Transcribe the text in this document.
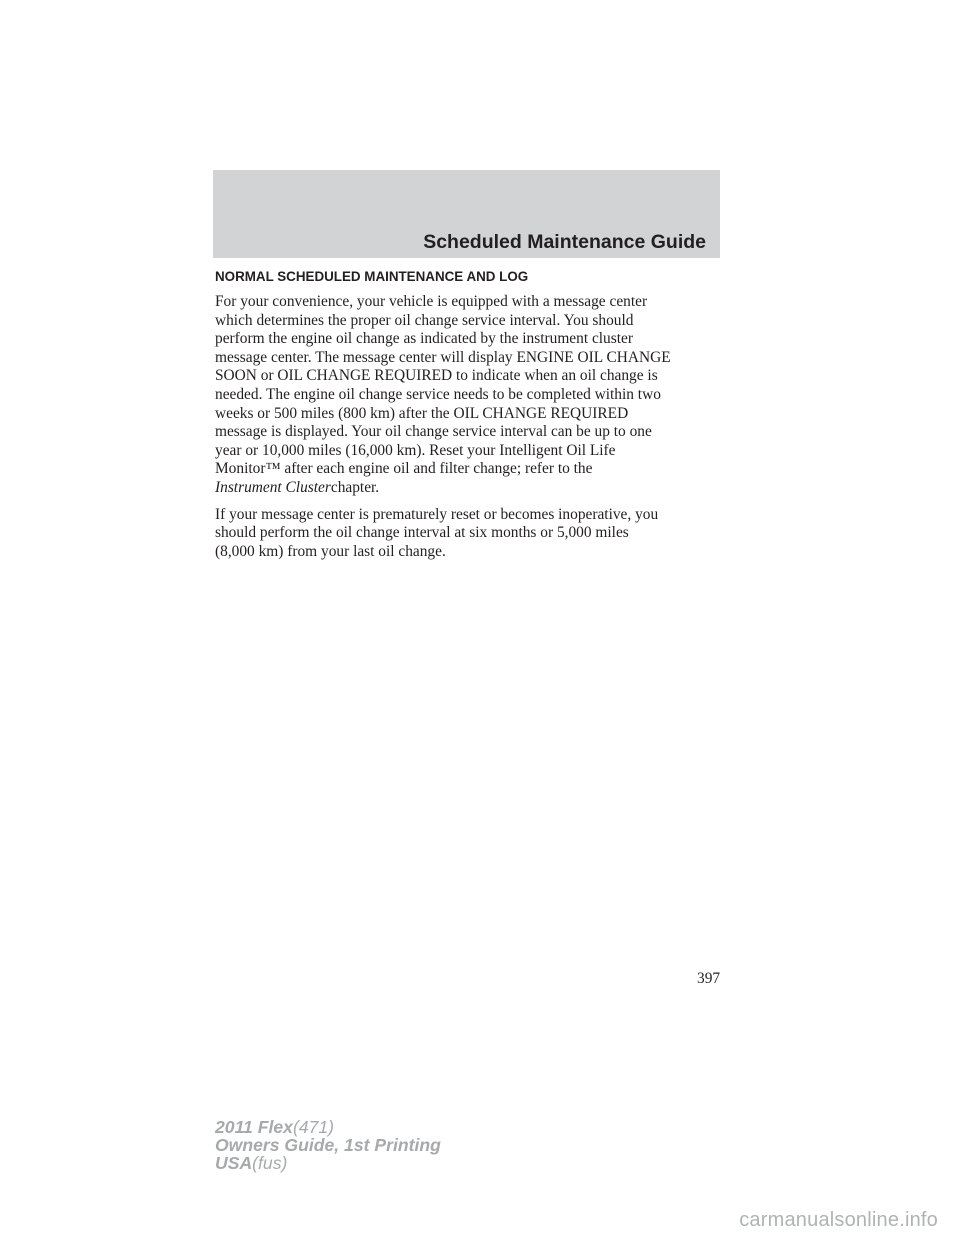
Scheduled Maintenance Guide
NORMAL SCHEDULED MAINTENANCE AND LOG
For your convenience, your vehicle is equipped with a message center
which determines the proper oil change service interval. You should
perform the engine oil change as indicated by the instrument cluster
message center. The message center will display ENGINE OIL CHANGE
SOON or OIL CHANGE REQUIRED to indicate when an oil change is
needed. The engine oil change service needs to be completed within two
weeks or 500 miles (800 km) after the OIL CHANGE REQUIRED
message is displayed. Your oil change service interval can be up to one
year or 10,000 miles (16,000 km). Reset your Intelligent Oil Life
Monitor™ after each engine oil and filter change; refer to the
Instrument Clusterchapter.
If your message center is prematurely reset or becomes inoperative, you
should perform the oil change interval at six months or 5,000 miles
(8,000 km) from your last oil change.
397
2011 Flex(471)
Owners Guide, 1st Printing
USA(fus)
carmanualsonline.info
